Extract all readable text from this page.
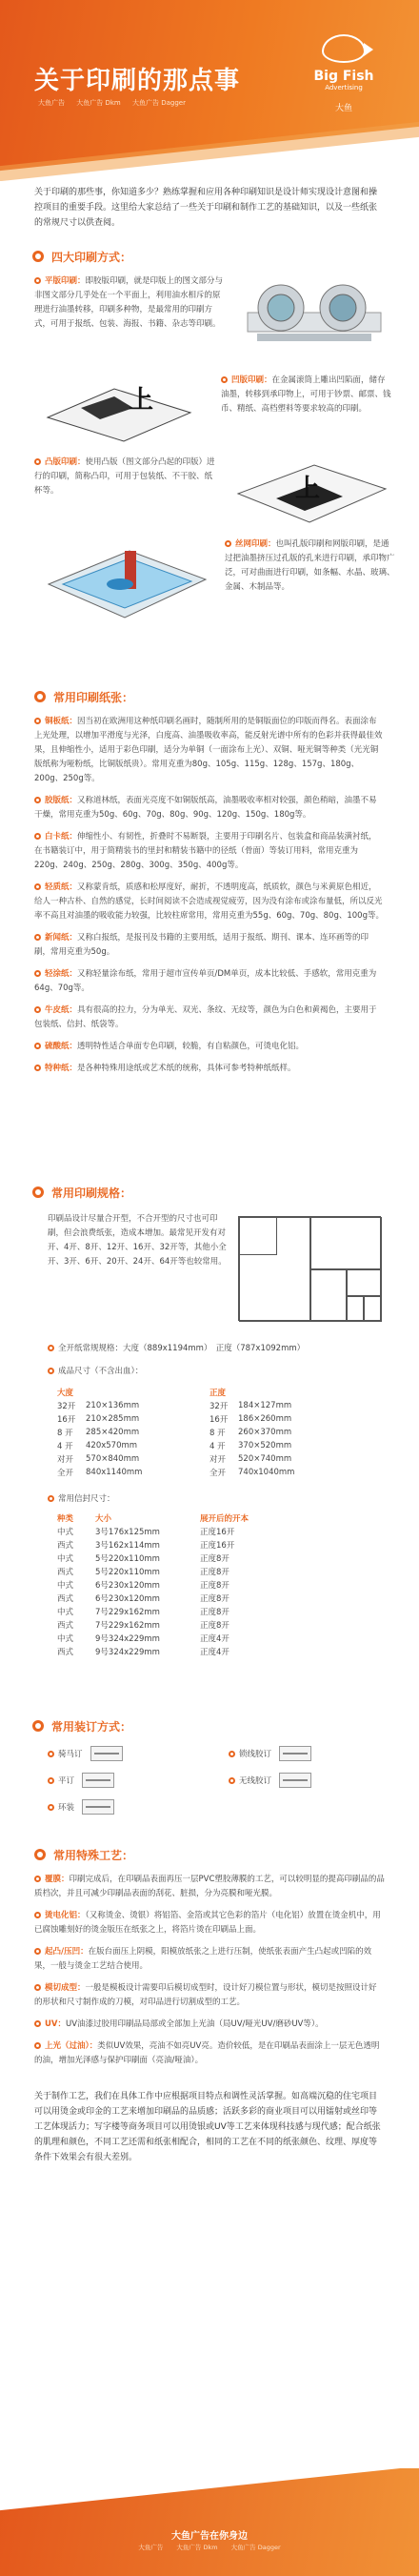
关于印刷的那点事
大鱼广告 大鱼广告 Dkm 大鱼广告 Dagger
Big Fish
Advertising
大鱼

关于印刷的那些事，你知道多少？熟练掌握和应用各种印刷知识是设计师实现设计意图和操控项目的重要手段。这里给大家总结了一些关于印刷和制作工艺的基础知识，以及一些纸张的常规尺寸以供查阅。

四大印刷方式：
平版印刷：即胶版印刷，就是印版上的图文部分与非图文部分几乎处在一个平面上，利用油水相斥的原理进行油墨转移，印刷多种物，是最常用的印刷方式，可用于报纸、包装、海报、书籍、杂志等印刷。
上
凹版印刷：在金属滚筒上雕出凹陷面，储存油墨，转移到承印物上，可用于钞票、邮票、钱币、精纸、高档塑料等要求较高的印刷。
凸版印刷：使用凸版（图文部分凸起的印版）进行的印刷，简称凸印，可用于包装纸、不干胶、纸杯等。	上
丝网印刷：也叫孔版印刷和网版印刷，是通过把油墨挤压过孔版的孔来进行印刷，承印物广泛，可对曲面进行印刷，如条幅、水晶、玻璃、金属、木制品等。
常用印刷纸张：
铜板纸：因当初在欧洲用这种纸印刷名画时，随制所用的是铜版面位的印版而得名。表面涂布上光处理，以增加平滑度与光泽，白度高、油墨吸收率高，能反射光谱中所有的色彩并获得最佳效果，且伸缩性小，适用于彩色印刷，适分为单铜（一面涂布上光）、双铜、哑光铜等种类（光光铜版纸称为哑粉纸，比铜版纸贵）。常用克重为80g、105g、115g、128g、157g、180g、200g、250g等。
胶版纸：又称道林纸，表面光亮度不如铜版纸高，油墨吸收率相对较强，颜色稍暗，油墨不易干燥，常用克重为50g、60g、70g、80g、90g、120g、150g、180g等。
白卡纸：伸缩性小、有韧性，折叠时不易断裂，主要用于印刷名片、包装盒和商品装潢衬纸，在书籍装订中，用于简精装书的里封和精装书籍中的径纸（骨面）等装订用料，常用克重为220g、240g、250g、280g、300g、350g、400g等。
轻质纸：又称蒙肯纸，质感和松厚度好，耐折，不透明度高，纸质软，颜色与米黄原色相近，给人一种古朴、自然的感觉，长时间阅读不会造成视觉疲劳，因为没有涂布或涂布量低，所以反光率不高且对油墨的吸收能力较强，比较柱席常用，常用克重为55g、60g、70g、80g、100g等。
新闻纸：又称白报纸，是报刊及书籍的主要用纸，适用于报纸、期刊、课本、连环画等的印刷，常用克重为50g。
轻涂纸：又称轻量涂布纸，常用于超市宣传单页/DM单页，成本比较低、手感软，常用克重为64g、70g等。
牛皮纸：具有很高的拉力，分为单光、双光、条纹、无纹等，颜色为白色和黄褐色，主要用于包装纸、信封、纸袋等。
硫酸纸：透明特性适合单面专色印刷，较脆，有自粘颜色，可烫电化铝。
特种纸：是各种特殊用途纸或艺术纸的统称，具体可参考特种纸纸样。
常用印刷规格：
印刷品设计尽量合开型，不合开型的尺寸也可印刷，但会浪费纸张，造成本增加。最常见开发有对开、4开、8开、12开、16开、32开等，其他小全开、3开、6开、20开、24开、64开等也较常用。
全开纸常规规格：大度（889x1194mm）　正度（787x1092mm）
成品尺寸（不含出血）：
大度		正度	
32开	210×136mm	32开	184×127mm
16开	210×285mm	16开	186×260mm
8 开	285×420mm	8 开	260×370mm
4 开	420x570mm	4 开	370×520mm
对开	570×840mm	对开	520×740mm
全开	840x1140mm	全开	740x1040mm
常用信封尺寸：
种类	大小	展开后的开本
中式	3号176x125mm	正度16开
西式	3号162x114mm	正度16开
中式	5号220x110mm	正度8开
西式	5号220x110mm	正度8开
中式	6号230x120mm	正度8开
西式	6号230x120mm	正度8开
中式	7号229x162mm	正度8开
西式	7号229x162mm	正度8开
中式	9号324x229mm	正度4开
西式	9号324x229mm	正度4开
常用装订方式：
骑马订	锁线胶订
平订	无线胶订
环装
常用特殊工艺：
覆膜：印刷完成后，在印刷品表面再压一层PVC塑胶薄膜的工艺，可以较明显的提高印刷品的品质档次，并且可减少印刷品表面的刮花、脏损，分为亮膜和哑光膜。
烫电化铝：（又称烫金、烫银）将铝箔、金箔或其它色彩的箔片（电化铝）放置在烫金机中，用已腐蚀雕刻好的烫金版压在纸张之上，将箔片烫在印刷品上面。
起凸/压凹：在版台面压上阴模，阳模放纸张之上进行压制，使纸张表面产生凸起或凹陷的效果，一般与烫金工艺结合使用。
模切成型：一般是模板设计需要印后模切成型时，设计好刀模位置与形状，模切是按照设计好的形状和尺寸制作成的刀模，对印品进行切割成型的工艺。
UV：UV油漆过胶用印刷品局部或全部加上光油（局UV/哑光UV/磨砂UV等）。
上光（过油）：类似UV效果，亮油不如亮UV亮。造价较低，是在印刷品表面涂上一层无色透明的油，增加光泽感与保护印刷面（亮油/哑油）。
关于制作工艺，我们在具体工作中应根据项目特点和调性灵活掌握。如高端沉稳的住宅项目可以用烫金或印金的工艺来增加印刷品的品质感；活跃多彩的商业项目可以用镭射或丝印等工艺体现活力；写字楼等商务项目可以用烫银或UV等工艺来体现科技感与现代感；配合纸张的肌理和颜色，不同工艺还需和纸张相配合，相同的工艺在不同的纸张颜色、纹理、厚度等条件下效果会有很大差别。
大鱼广告在你身边
大鱼广告 大鱼广告 Dkm 大鱼广告 Dagger
